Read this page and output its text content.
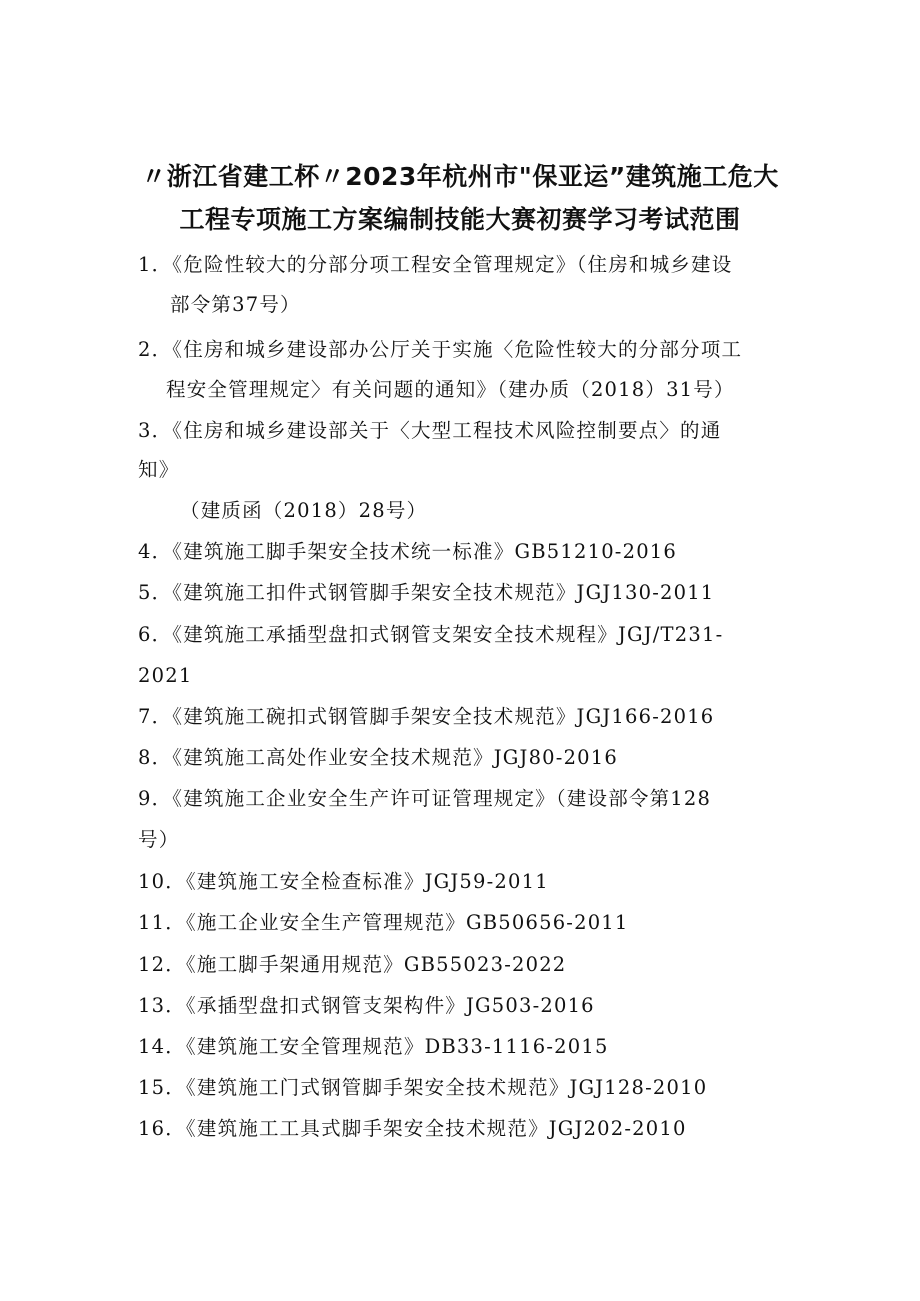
〃浙江省建工杯〃2023年杭州市"保亚运”建筑施工危大
工程专项施工方案编制技能大赛初赛学习考试范围
1．《危险性较大的分部分项工程安全管理规定》（住房和城乡建设
部令第37号）
2．《住房和城乡建设部办公厅关于实施〈危险性较大的分部分项工
程安全管理规定〉有关问题的通知》（建办质（2018）31号）
3．《住房和城乡建设部关于〈大型工程技术风险控制要点〉的通
知》
（建质函（2018）28号）
4．《建筑施工脚手架安全技术统一标准》GB51210-2016
5．《建筑施工扣件式钢管脚手架安全技术规范》JGJ130-2011
6．《建筑施工承插型盘扣式钢管支架安全技术规程》JGJ/T231-
2021
7．《建筑施工碗扣式钢管脚手架安全技术规范》JGJ166-2016
8．《建筑施工高处作业安全技术规范》JGJ80-2016
9．《建筑施工企业安全生产许可证管理规定》（建设部令第128
号）
10．《建筑施工安全检查标准》JGJ59-2011
11．《施工企业安全生产管理规范》GB50656-2011
12．《施工脚手架通用规范》GB55023-2022
13．《承插型盘扣式钢管支架构件》JG503-2016
14．《建筑施工安全管理规范》DB33-1116-2015
15．《建筑施工门式钢管脚手架安全技术规范》JGJ128-2010
16．《建筑施工工具式脚手架安全技术规范》JGJ202-2010
